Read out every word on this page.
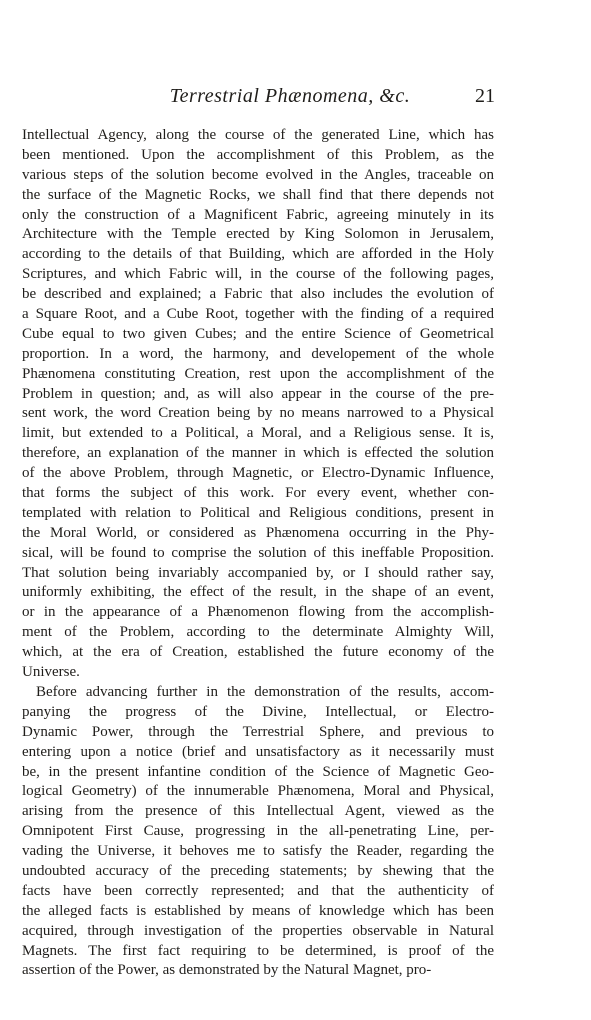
Terrestrial Phænomena, &c.	21
Intellectual Agency, along the course of the generated Line, which has
been mentioned. Upon the accomplishment of this Problem, as the
various steps of the solution become evolved in the Angles, traceable on
the surface of the Magnetic Rocks, we shall find that there depends not
only the construction of a Magnificent Fabric, agreeing minutely in its
Architecture with the Temple erected by King Solomon in Jerusalem,
according to the details of that Building, which are afforded in the Holy
Scriptures, and which Fabric will, in the course of the following pages,
be described and explained; a Fabric that also includes the evolution of
a Square Root, and a Cube Root, together with the finding of a required
Cube equal to two given Cubes; and the entire Science of Geometrical
proportion. In a word, the harmony, and developement of the whole
Phænomena constituting Creation, rest upon the accomplishment of the
Problem in question; and, as will also appear in the course of the pre-
sent work, the word Creation being by no means narrowed to a Physical
limit, but extended to a Political, a Moral, and a Religious sense. It is,
therefore, an explanation of the manner in which is effected the solution
of the above Problem, through Magnetic, or Electro-Dynamic Influence,
that forms the subject of this work. For every event, whether con-
templated with relation to Political and Religious conditions, present in
the Moral World, or considered as Phænomena occurring in the Phy-
sical, will be found to comprise the solution of this ineffable Proposition.
That solution being invariably accompanied by, or I should rather say,
uniformly exhibiting, the effect of the result, in the shape of an event,
or in the appearance of a Phænomenon flowing from the accomplish-
ment of the Problem, according to the determinate Almighty Will,
which, at the era of Creation, established the future economy of the
Universe.
Before advancing further in the demonstration of the results, accom-
panying the progress of the Divine, Intellectual, or Electro-
Dynamic Power, through the Terrestrial Sphere, and previous to
entering upon a notice (brief and unsatisfactory as it necessarily must
be, in the present infantine condition of the Science of Magnetic Geo-
logical Geometry) of the innumerable Phænomena, Moral and Physical,
arising from the presence of this Intellectual Agent, viewed as the
Omnipotent First Cause, progressing in the all-penetrating Line, per-
vading the Universe, it behoves me to satisfy the Reader, regarding the
undoubted accuracy of the preceding statements; by shewing that the
facts have been correctly represented; and that the authenticity of
the alleged facts is established by means of knowledge which has been
acquired, through investigation of the properties observable in Natural
Magnets. The first fact requiring to be determined, is proof of the
assertion of the Power, as demonstrated by the Natural Magnet, pro-
